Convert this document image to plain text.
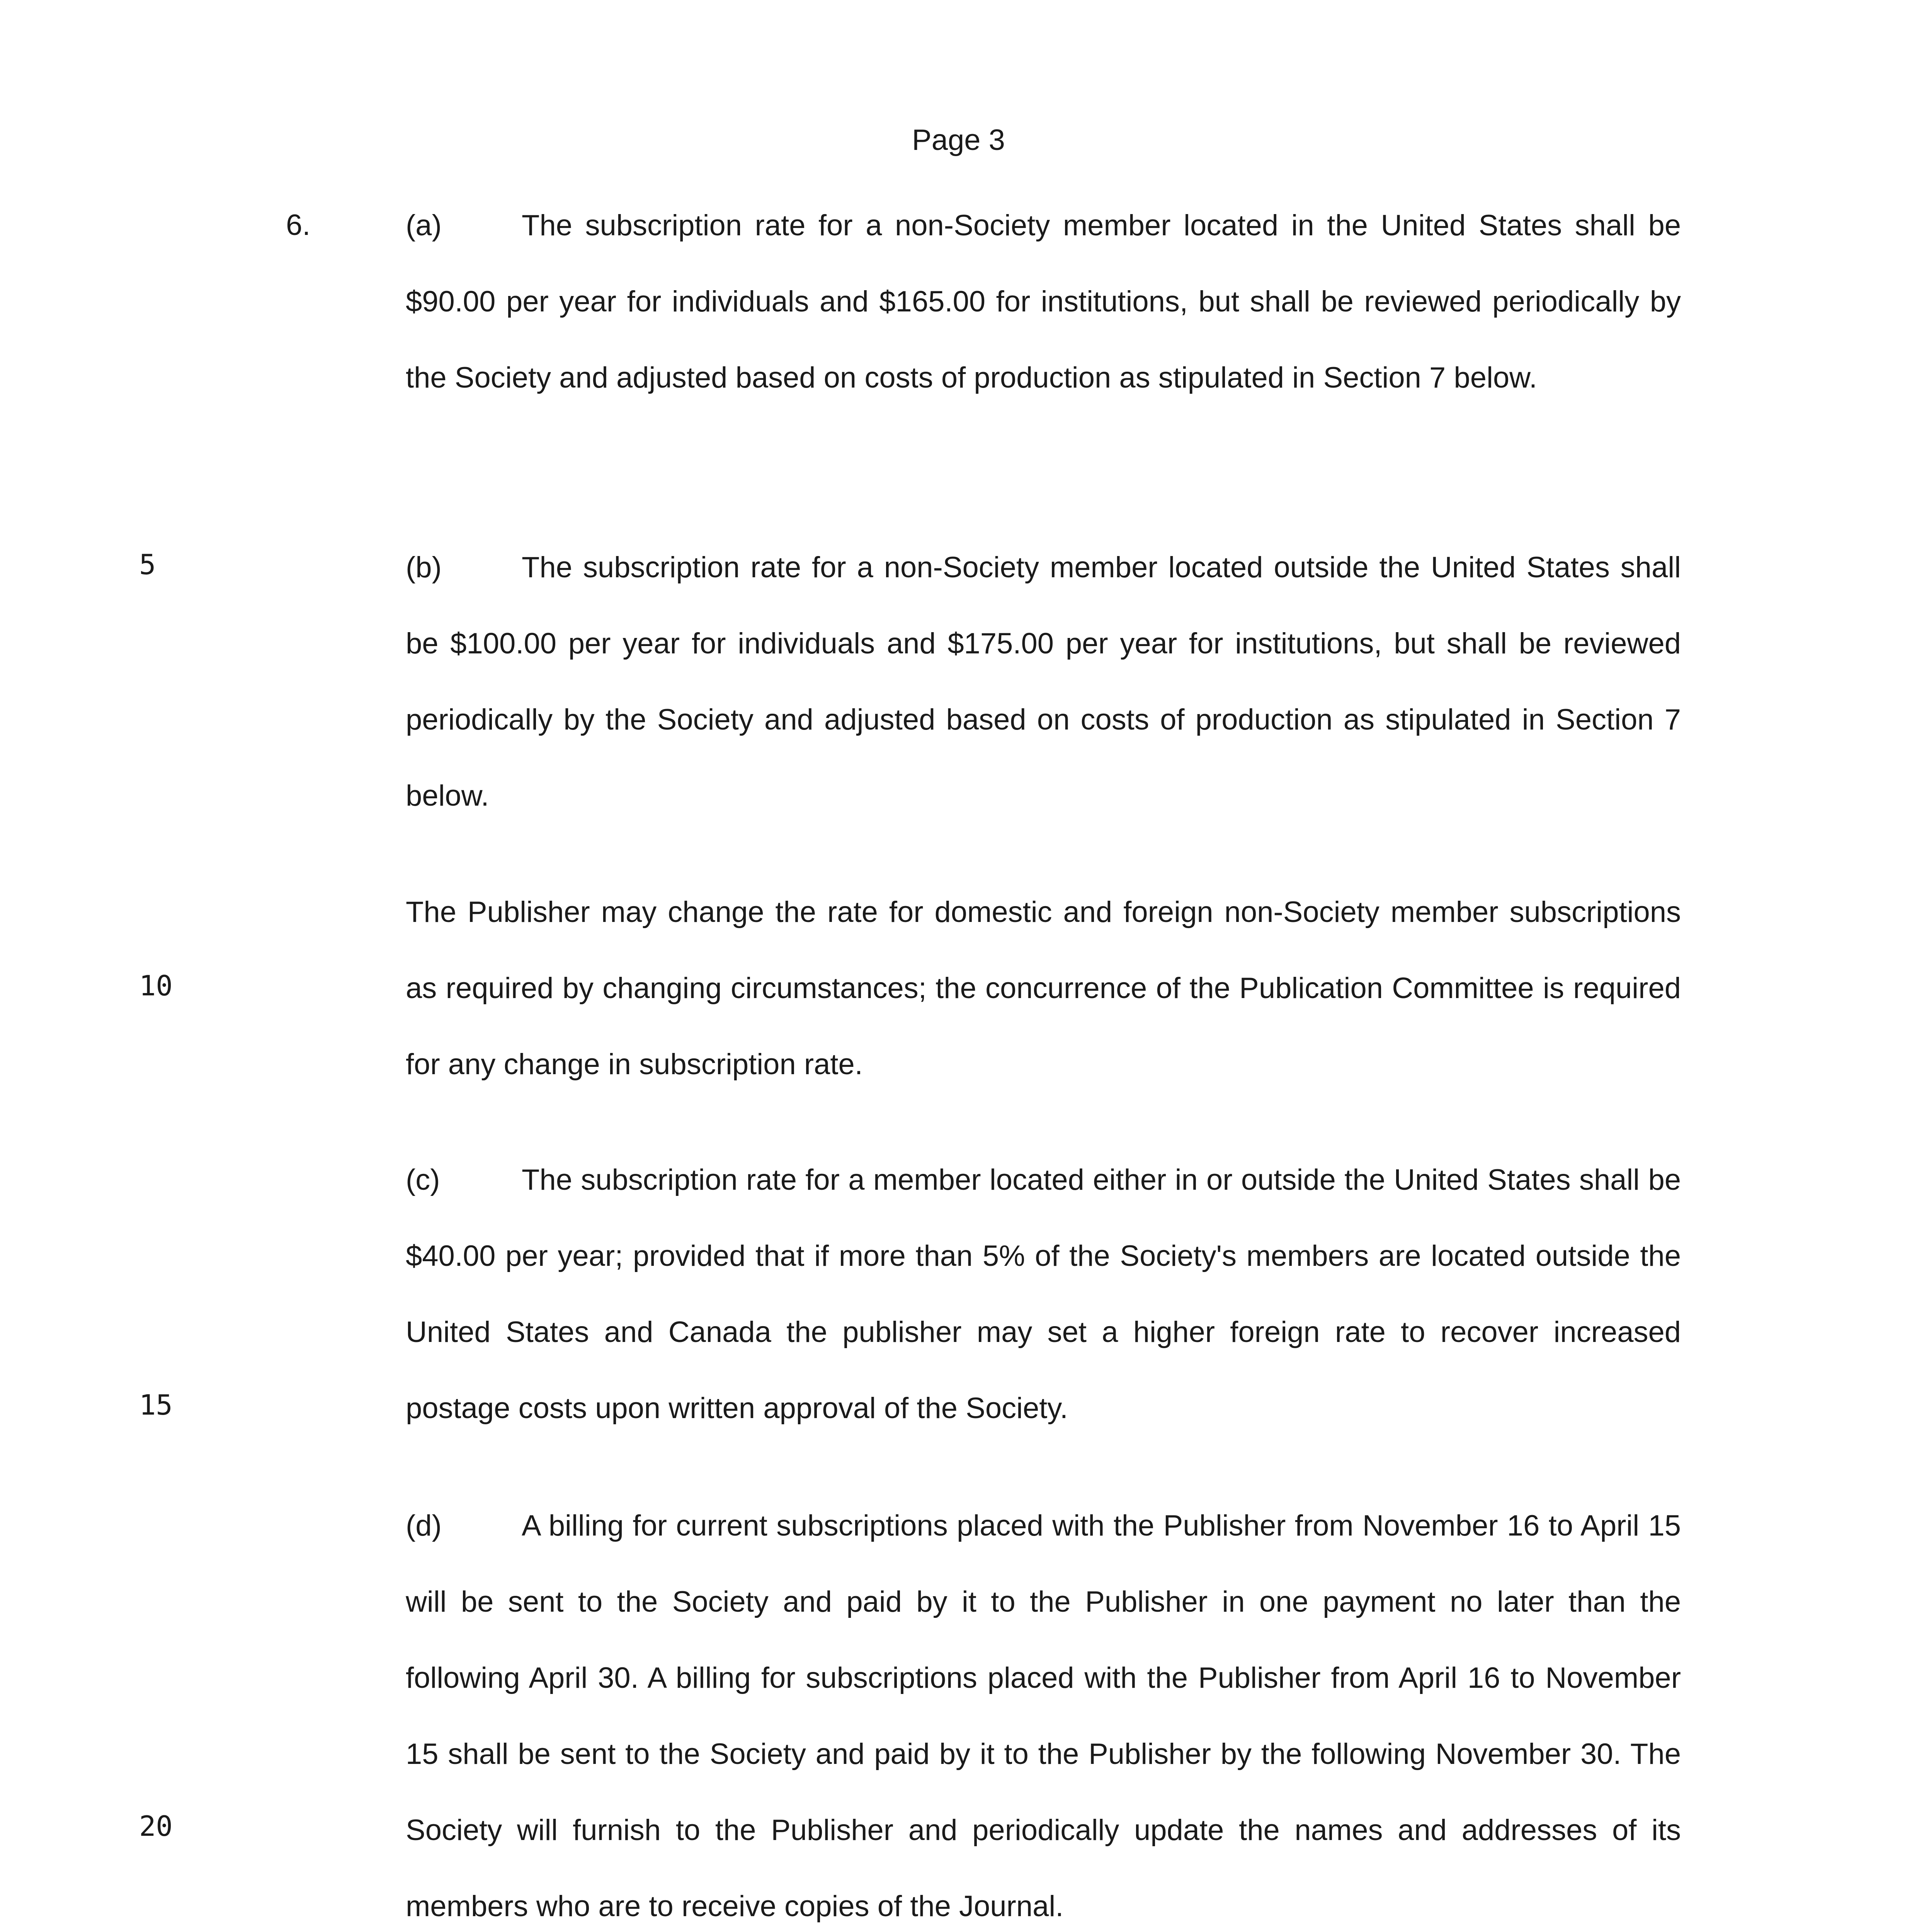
Page 3
5
10
15
20
6.	(a)	The subscription rate for a non-Society member located in the United States shall be $90.00 per year for individuals and $165.00 for institutions, but shall be reviewed periodically by the Society and adjusted based on costs of production as stipulated in Section 7 below.

(b)	The subscription rate for a non-Society member located outside the United States shall be $100.00 per year for individuals and $175.00 per year for institutions, but shall be reviewed periodically by the Society and adjusted based on costs of production as stipulated in Section 7 below.

The Publisher may change the rate for domestic and foreign non-Society member subscriptions as required by changing circumstances; the concurrence of the Publication Committee is required for any change in subscription rate.

(c)	The subscription rate for a member located either in or outside the United States shall be $40.00 per year; provided that if more than 5% of the Society's members are located outside the United States and Canada the publisher may set a higher foreign rate to recover increased postage costs upon written approval of the Society.

(d)	A billing for current subscriptions placed with the Publisher from November 16 to April 15 will be sent to the Society and paid by it to the Publisher in one payment no later than the following April 30. A billing for subscriptions placed with the Publisher from April 16 to November 15 shall be sent to the Society and paid by it to the Publisher by the following November 30. The Society will furnish to the Publisher and periodically update the names and addresses of its members who are to receive copies of the Journal.
